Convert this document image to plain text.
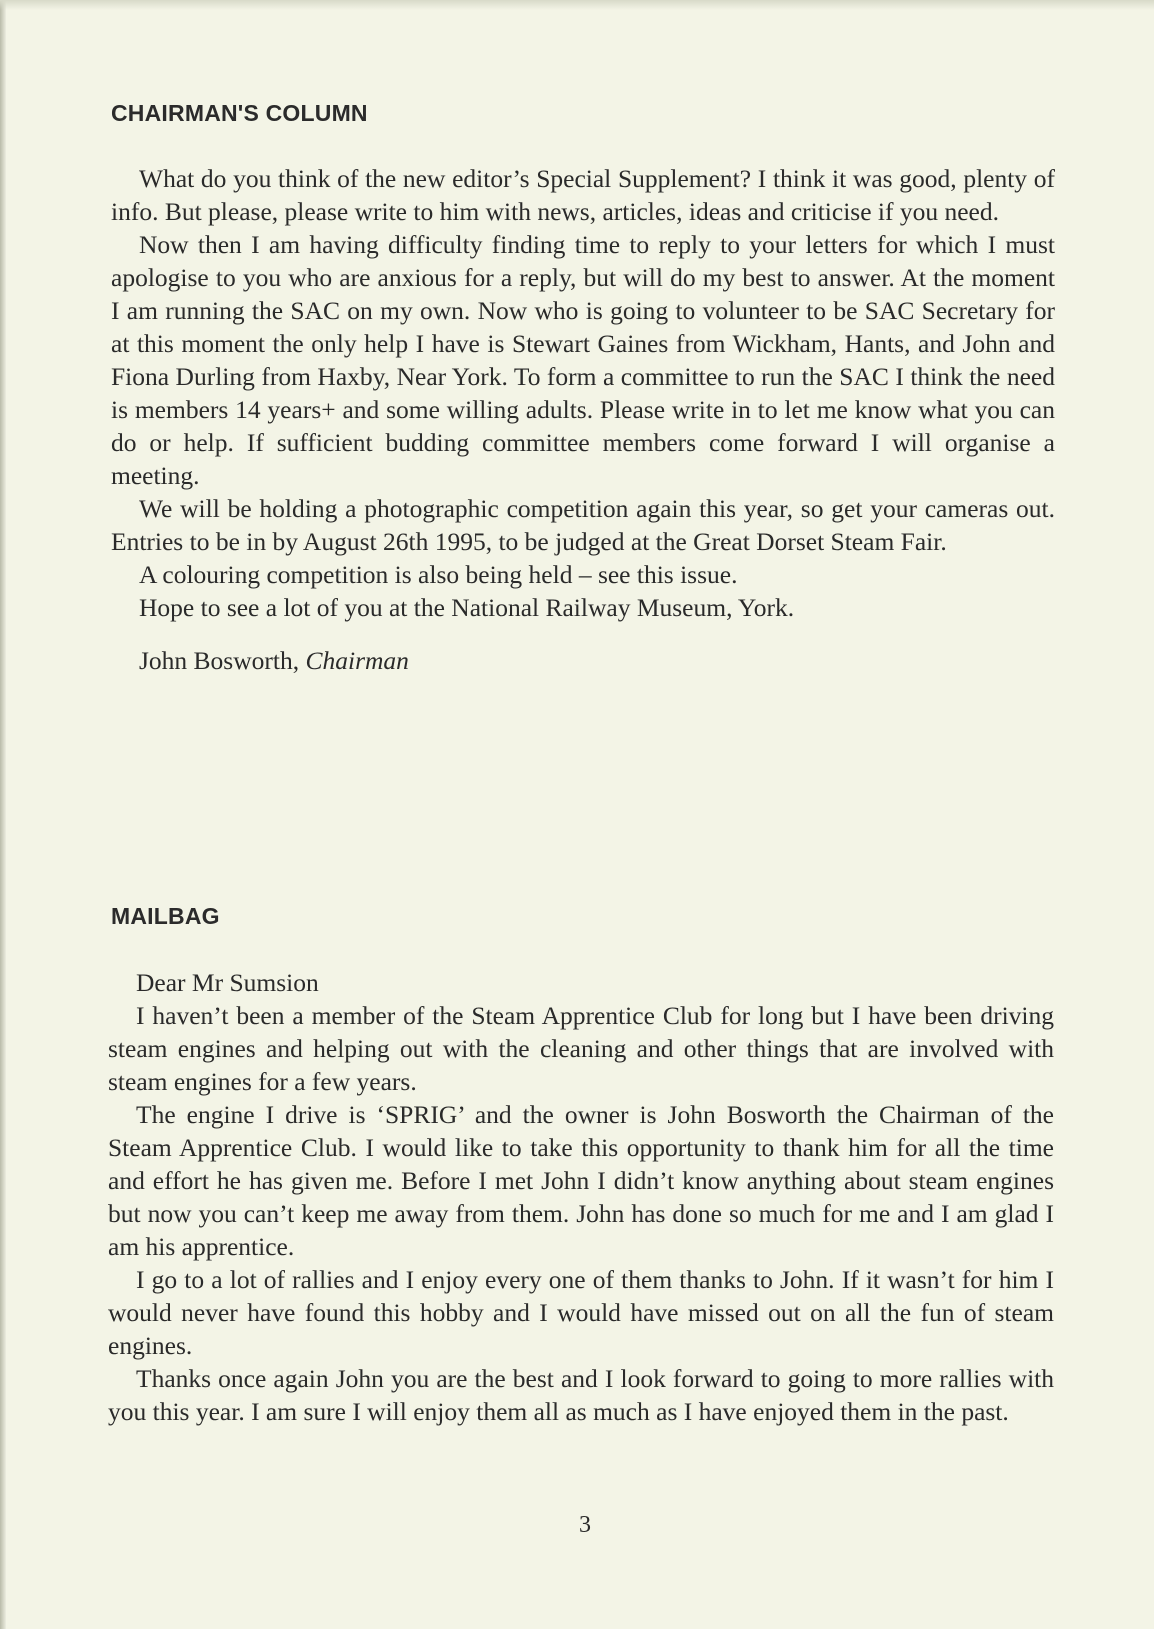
CHAIRMAN'S COLUMN

What do you think of the new editor’s Special Supplement? I think it was good, plenty of info. But please, please write to him with news, articles, ideas and criticise if you need.

Now then I am having difficulty finding time to reply to your letters for which I must apologise to you who are anxious for a reply, but will do my best to answer. At the moment I am running the SAC on my own. Now who is going to volunteer to be SAC Secretary for at this moment the only help I have is Stewart Gaines from Wickham, Hants, and John and Fiona Durling from Haxby, Near York. To form a committee to run the SAC I think the need is members 14 years+ and some willing adults. Please write in to let me know what you can do or help. If sufficient budding committee members come forward I will organise a meeting.

We will be holding a photographic competition again this year, so get your cameras out. Entries to be in by August 26th 1995, to be judged at the Great Dorset Steam Fair.

A colouring competition is also being held – see this issue.

Hope to see a lot of you at the National Railway Museum, York.

John Bosworth, Chairman

MAILBAG

Dear Mr Sumsion

I haven’t been a member of the Steam Apprentice Club for long but I have been driving steam engines and helping out with the cleaning and other things that are involved with steam engines for a few years.

The engine I drive is ‘SPRIG’ and the owner is John Bosworth the Chairman of the Steam Apprentice Club. I would like to take this opportunity to thank him for all the time and effort he has given me. Before I met John I didn’t know anything about steam engines but now you can’t keep me away from them. John has done so much for me and I am glad I am his apprentice.

I go to a lot of rallies and I enjoy every one of them thanks to John. If it wasn’t for him I would never have found this hobby and I would have missed out on all the fun of steam engines.

Thanks once again John you are the best and I look forward to going to more rallies with you this year. I am sure I will enjoy them all as much as I have enjoyed them in the past.

3
